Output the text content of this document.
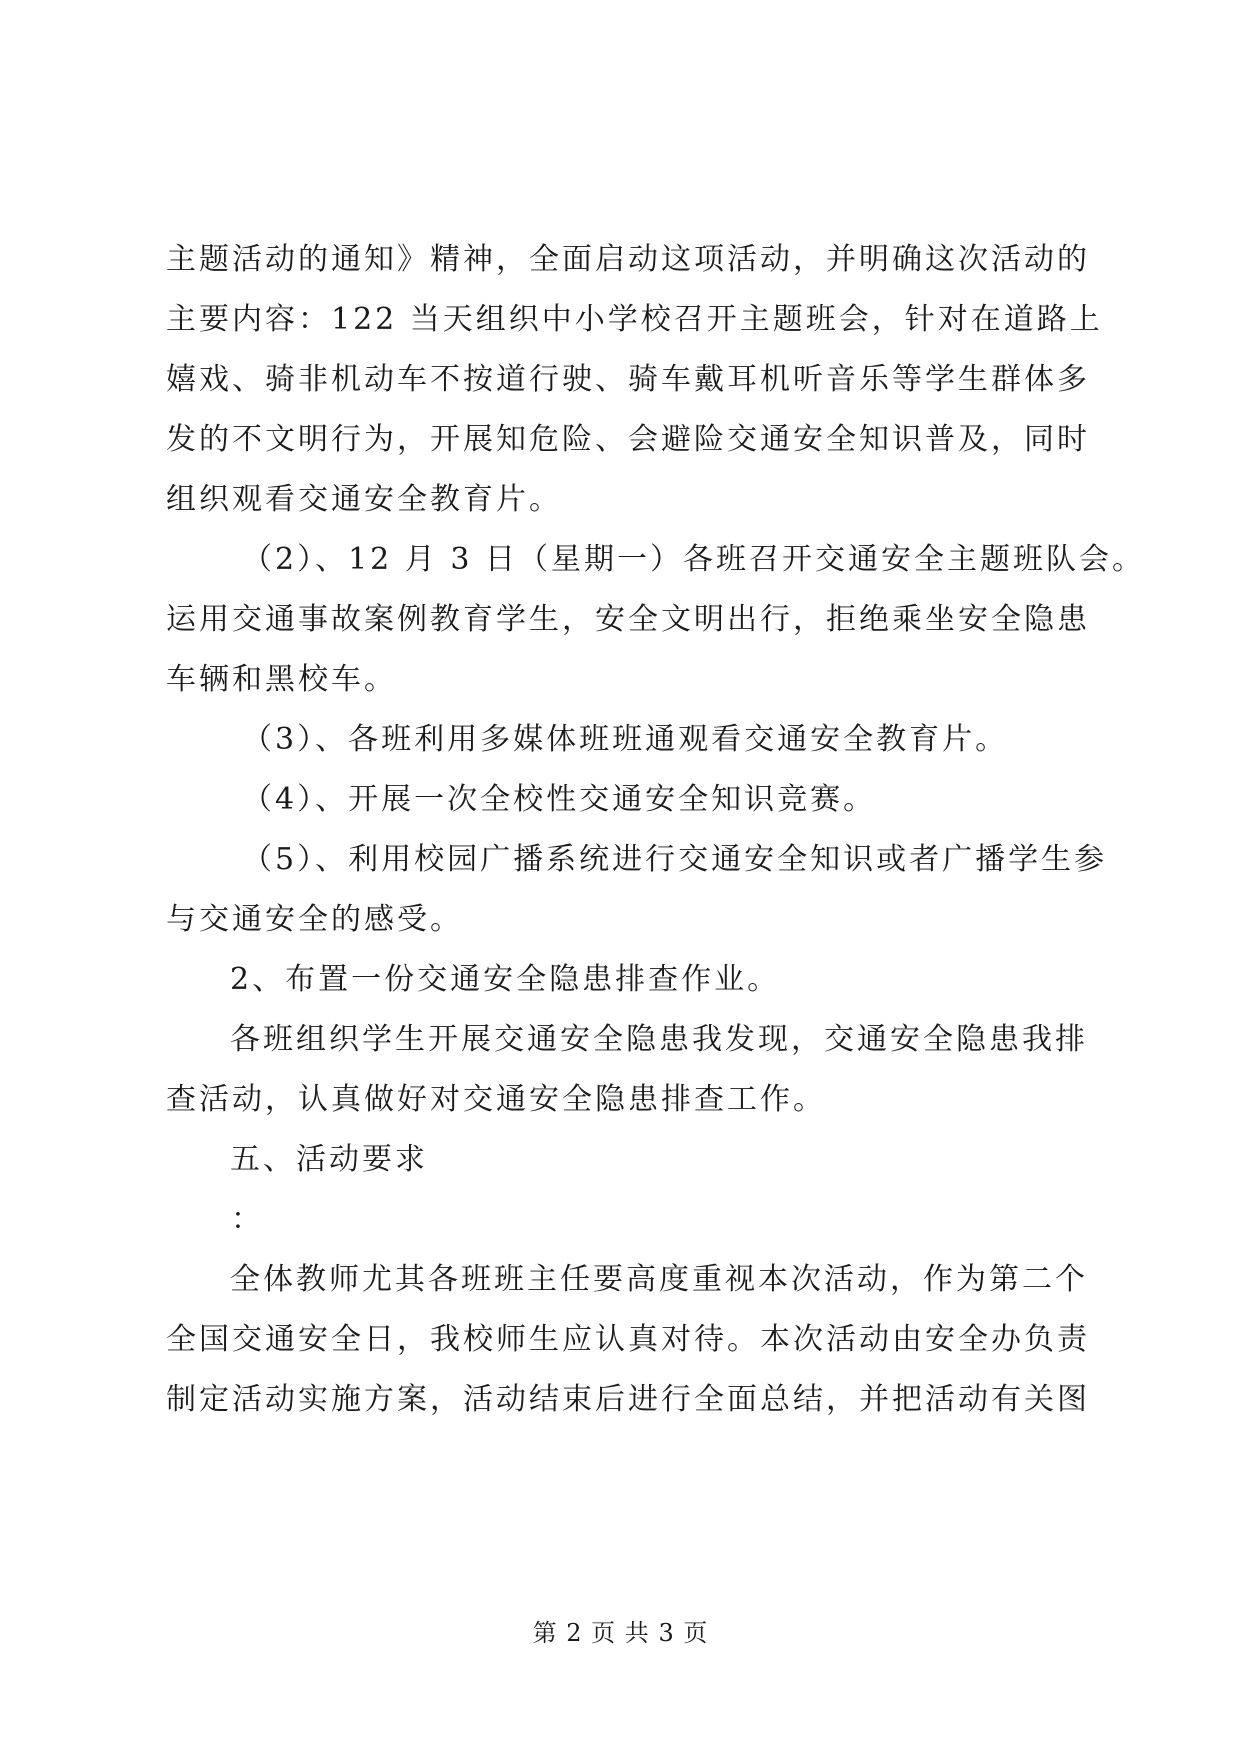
主题活动的通知》精神，全面启动这项活动，并明确这次活动的
主要内容：122 当天组织中小学校召开主题班会，针对在道路上
嬉戏、骑非机动车不按道行驶、骑车戴耳机听音乐等学生群体多
发的不文明行为，开展知危险、会避险交通安全知识普及，同时
组织观看交通安全教育片。
（2）、12 月 3 日（星期一）各班召开交通安全主题班队会。
运用交通事故案例教育学生，安全文明出行，拒绝乘坐安全隐患
车辆和黑校车。
（3）、各班利用多媒体班班通观看交通安全教育片。
（4）、开展一次全校性交通安全知识竞赛。
（5）、利用校园广播系统进行交通安全知识或者广播学生参
与交通安全的感受。
2、布置一份交通安全隐患排查作业。
各班组织学生开展交通安全隐患我发现，交通安全隐患我排
查活动，认真做好对交通安全隐患排查工作。
五、活动要求
：
全体教师尤其各班班主任要高度重视本次活动，作为第二个
全国交通安全日，我校师生应认真对待。本次活动由安全办负责
制定活动实施方案，活动结束后进行全面总结，并把活动有关图
第 2 页 共 3 页
